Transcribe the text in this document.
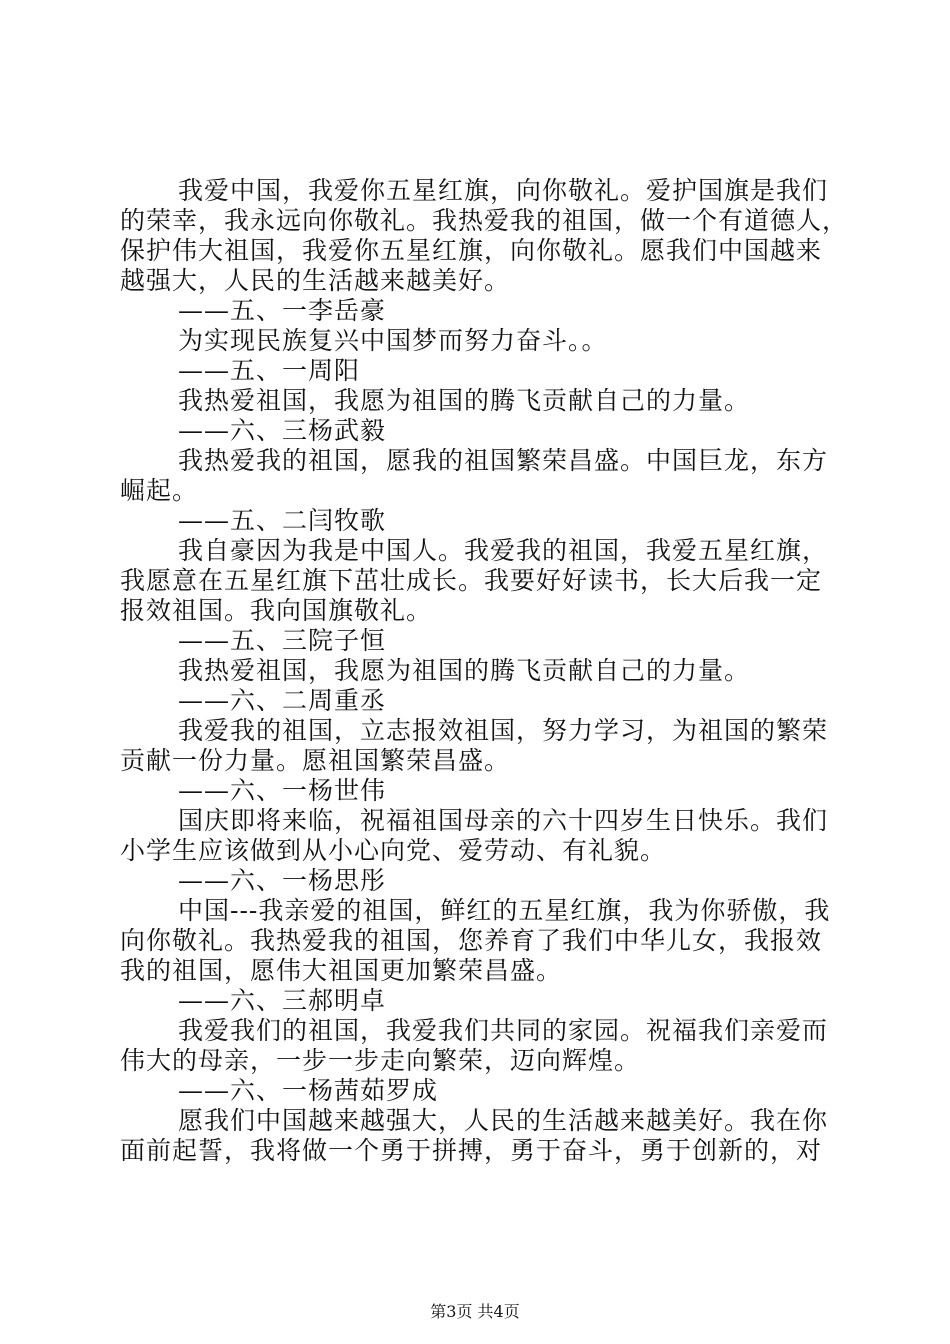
我爱中国，我爱你五星红旗，向你敬礼。爱护国旗是我们
的荣幸，我永远向你敬礼。我热爱我的祖国，做一个有道德人，
保护伟大祖国，我爱你五星红旗，向你敬礼。愿我们中国越来
越强大，人民的生活越来越美好。
——五、一李岳豪
为实现民族复兴中国梦而努力奋斗。。
——五、一周阳
我热爱祖国，我愿为祖国的腾飞贡献自己的力量。
——六、三杨武毅
我热爱我的祖国，愿我的祖国繁荣昌盛。中国巨龙，东方
崛起。
——五、二闫牧歌
我自豪因为我是中国人。我爱我的祖国，我爱五星红旗，
我愿意在五星红旗下茁壮成长。我要好好读书，长大后我一定
报效祖国。我向国旗敬礼。
——五、三院子恒
我热爱祖国，我愿为祖国的腾飞贡献自己的力量。
——六、二周重丞
我爱我的祖国，立志报效祖国，努力学习，为祖国的繁荣
贡献一份力量。愿祖国繁荣昌盛。
——六、一杨世伟
国庆即将来临，祝福祖国母亲的六十四岁生日快乐。我们
小学生应该做到从小心向党、爱劳动、有礼貌。
——六、一杨思彤
中国---我亲爱的祖国，鲜红的五星红旗，我为你骄傲，我
向你敬礼。我热爱我的祖国，您养育了我们中华儿女，我报效
我的祖国，愿伟大祖国更加繁荣昌盛。
——六、三郝明卓
我爱我们的祖国，我爱我们共同的家园。祝福我们亲爱而
伟大的母亲，一步一步走向繁荣，迈向辉煌。
——六、一杨茜茹罗成
愿我们中国越来越强大，人民的生活越来越美好。我在你
面前起誓，我将做一个勇于拼搏，勇于奋斗，勇于创新的，对
第3页 共4页
